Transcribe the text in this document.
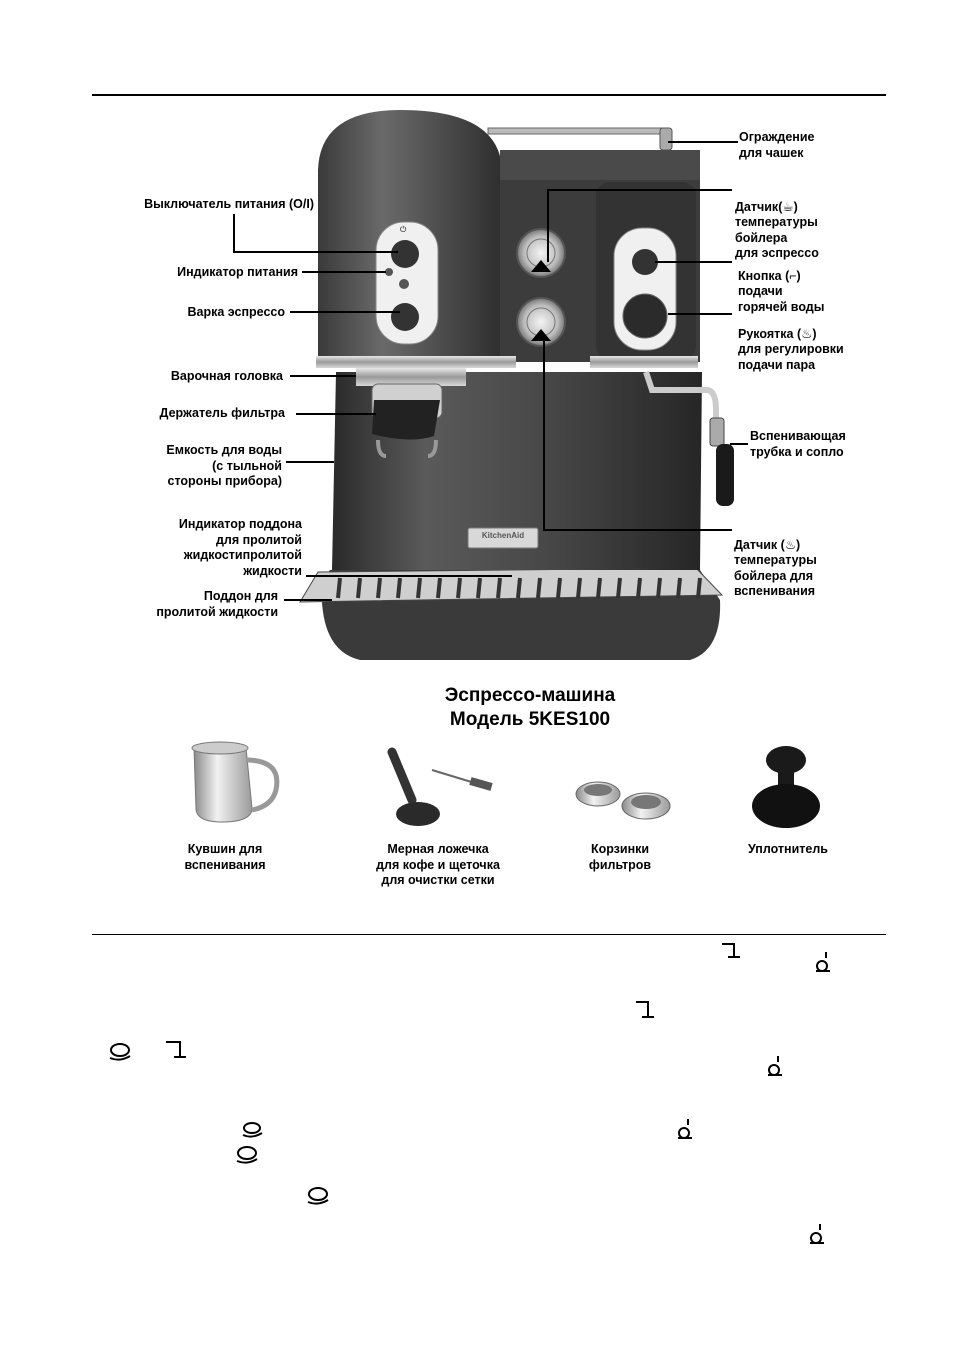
⏻
KitchenAid
Выключатель питания (O/I)
Индикатор питания
Варка эспрессо
Варочная головка
Держатель фильтра
Емкость для воды
(с тыльной
стороны прибора)
Индикатор поддона
для пролитой
жидкостипролитой
жидкости
Поддон для
пролитой жидкости
Ограждение
для чашек

Датчик(☕)
температуры
бойлера
для эспрессо

Кнопка (⌐)
подачи
горячей воды

Рукоятка (♨)
для регулировки
подачи пара

Вспенивающая
трубка и сопло

Датчик (♨)
температуры
бойлера для
вспенивания

Эспрессо-машина
Модель 5KES100
Кувшин для
вспенивания
Мерная ложечка
для кофе и щеточка
для очистки сетки
Корзинки
фильтров
Уплотнитель
